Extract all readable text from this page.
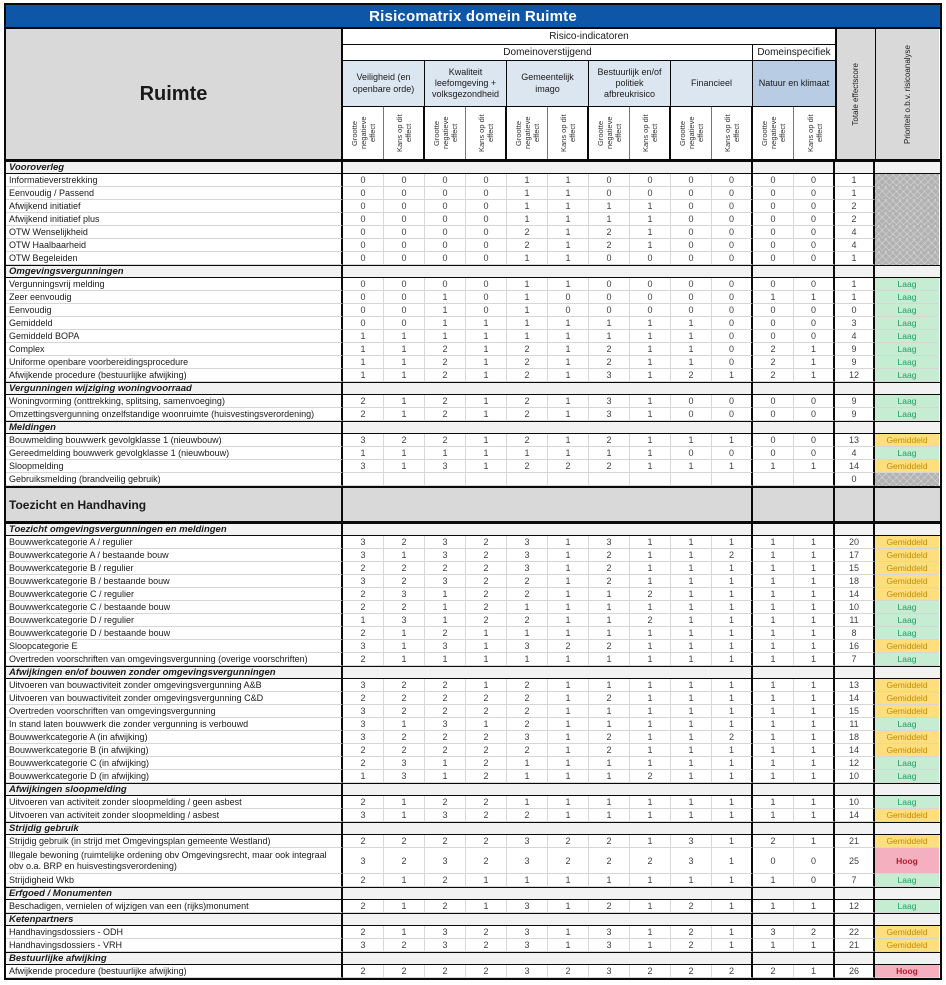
Risicomatrix domein Ruimte
Ruimte
Risico-indicatoren
Domeinoverstijgend	Domeinspecifiek
Veiligheid (en openbare orde)
Kwaliteit leefomgeving + volksgezondheid
Gemeentelijk imago
Bestuurlijk en/of politiek afbreukrisico
Financieel	Natuur en klimaat
Grootte negatieve effect Kans op dit effect	Grootte negatieve effect Kans op dit effect	Grootte negatieve effect Kans op dit effect	Grootte negatieve effect Kans op dit effect	Grootte negatieve effect Kans op dit effect	Grootte negatieve effect	Kans op dit effect
Totale effectscore	Prioriteit o.b.v. risicoanalyse
Vooroverleg
Informatieverstrekking	0	0	0	0	1	1	0	0	0	0	0	0	1
Eenvoudig / Passend	0	0	0	0	1	1	0	0	0	0	0	0	1
Afwijkend initiatief	0	0	0	0	1	1	1	1	0	0	0	0	2
Afwijkend initiatief plus	0	0	0	0	1	1	1	1	0	0	0	0	2
OTW Wenselijkheid	0	0	0	0	2	1	2	1	0	0	0	0	4
OTW Haalbaarheid	0	0	0	0	2	1	2	1	0	0	0	0	4
OTW Begeleiden	0	0	0	0	1	1	0	0	0	0	0	0	1
Omgevingsvergunningen
Vergunningsvrij melding	0	0	0	0	1	1	0	0	0	0	0	0	1	Laag
Zeer eenvoudig	0	0	1	0	1	0	0	0	0	0	1	1	1	Laag
Eenvoudig	0	0	1	0	1	0	0	0	0	0	0	0	0	Laag
Gemiddeld	0	0	1	1	1	1	1	1	1	0	0	0	3	Laag
Gemiddeld BOPA	1	1	1	1	1	1	1	1	1	0	0	0	4	Laag
Complex	1	1	2	1	2	1	2	1	1	0	2	1	9	Laag
Uniforme openbare voorbereidingsprocedure	1	1	2	1	2	1	2	1	1	0	2	1	9	Laag
Afwijkende procedure (bestuurlijke afwijking)	1	1	2	1	2	1	3	1	2	1	2	1	12	Laag
Vergunningen wijziging woningvoorraad
Woningvorming (onttrekking, splitsing, samenvoeging)	2	1	2	1	2	1	3	1	0	0	0	0	9	Laag
Omzettingsvergunning onzelfstandige woonruimte (huisvestingsverordening)	2	1	2	1	2	1	3	1	0	0	0	0	9	Laag
Meldingen
Bouwmelding bouwwerk gevolgklasse 1 (nieuwbouw)	3	2	2	1	2	1	2	1	1	1	0	0	13	Gemiddeld
Gereedmelding bouwwerk gevolgklasse 1 (nieuwbouw)	1	1	1	1	1	1	1	1	0	0	0	0	4	Laag
Sloopmelding	3	1	3	1	2	2	2	1	1	1	1	1	14	Gemiddeld
Gebruiksmelding (brandveilig gebruik)	0
Toezicht en Handhaving
Toezicht omgevingsvergunningen en meldingen
Bouwwerkcategorie A / regulier	3	2	3	2	3	1	3	1	1	1	1	1	20	Gemiddeld
Bouwwerkcategorie A / bestaande bouw	3	1	3	2	3	1	2	1	1	2	1	1	17	Gemiddeld
Bouwwerkcategorie B / regulier	2	2	2	2	3	1	2	1	1	1	1	1	15	Gemiddeld
Bouwwerkcategorie B / bestaande bouw	3	2	3	2	2	1	2	1	1	1	1	1	18	Gemiddeld
Bouwwerkcategorie C / regulier	2	3	1	2	2	1	1	2	1	1	1	1	14	Gemiddeld
Bouwwerkcategorie C / bestaande bouw	2	2	1	2	1	1	1	1	1	1	1	1	10	Laag
Bouwwerkcategorie D / regulier	1	3	1	2	2	1	1	2	1	1	1	1	11	Laag
Bouwwerkcategorie D / bestaande bouw	2	1	2	1	1	1	1	1	1	1	1	1	8	Laag
Sloopcategorie E	3	1	3	1	3	2	2	1	1	1	1	1	16	Gemiddeld
Overtreden voorschriften van omgevingsvergunning (overige voorschriften)	2	1	1	1	1	1	1	1	1	1	1	1	7	Laag
Afwijkingen en/of bouwen zonder omgevingsvergunningen
Uitvoeren van bouwactiviteit zonder omgevingsvergunning A&B	3	2	2	1	2	1	1	1	1	1	1	1	13	Gemiddeld
Uitvoeren van bouwactiviteit zonder omgevingsvergunning C&D	2	2	2	2	2	1	2	1	1	1	1	1	14	Gemiddeld
Overtreden voorschriften van omgevingsvergunning	3	2	2	2	2	1	1	1	1	1	1	1	15	Gemiddeld
In stand laten bouwwerk die zonder vergunning is verbouwd	3	1	3	1	2	1	1	1	1	1	1	1	11	Laag
Bouwwerkcategorie A (in afwijking)	3	2	2	2	3	1	2	1	1	2	1	1	18	Gemiddeld
Bouwwerkcategorie B (in afwijking)	2	2	2	2	2	1	2	1	1	1	1	1	14	Gemiddeld
Bouwwerkcategorie C (in afwijking)	2	3	1	2	1	1	1	1	1	1	1	1	12	Laag
Bouwwerkcategorie D (in afwijking)	1	3	1	2	1	1	1	2	1	1	1	1	10	Laag
Afwijkingen sloopmelding
Uitvoeren van activiteit zonder sloopmelding / geen asbest	2	1	2	2	1	1	1	1	1	1	1	1	10	Laag
Uitvoeren van activiteit zonder sloopmelding / asbest	3	1	3	2	2	1	1	1	1	1	1	1	14	Gemiddeld
Strijdig gebruik
Strijdig gebruik (in strijd met Omgevingsplan gemeente Westland)	2	2	2	2	3	2	2	1	3	1	2	1	21	Gemiddeld
Illegale bewoning (ruimtelijke ordening obv Omgevingsrecht, maar ook integraal obv o.a. BRP en huisvestingsverordening)	3	2	3	2	3	2	2	2	3	1	0	0	25	Hoog
Strijdigheid Wkb	2	1	2	1	1	1	1	1	1	1	1	0	7	Laag
Erfgoed / Monumenten
Beschadigen, vernielen of wijzigen van een (rijks)monument	2	1	2	1	3	1	2	1	2	1	1	1	12	Laag
Ketenpartners
Handhavingsdossiers - ODH	2	1	3	2	3	1	3	1	2	1	3	2	22	Gemiddeld
Handhavingsdossiers - VRH	3	2	3	2	3	1	3	1	2	1	1	1	21	Gemiddeld
Bestuurlijke afwijking
Afwijkende procedure (bestuurlijke afwijking)	2	2	2	2	3	2	3	2	2	2	2	1	26	Hoog
